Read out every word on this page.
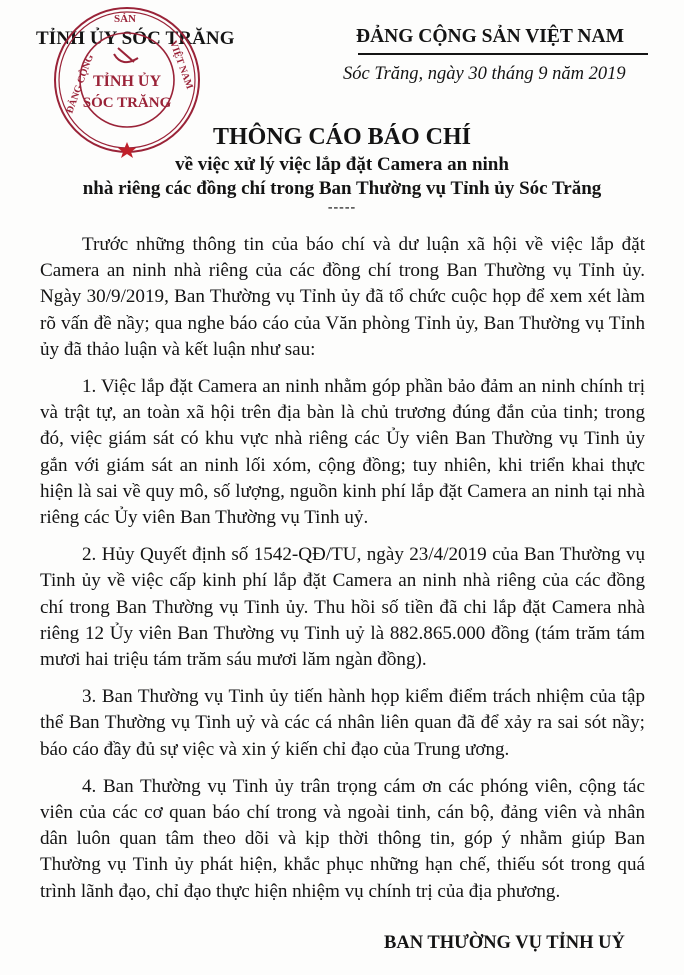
TỈNH ỦY SÓC TRĂNG
SẢN
ĐẢNG CỘNG	VIỆT NAM
TỈNH ỦY
SÓC TRĂNG
ĐẢNG CỘNG SẢN VIỆT NAM
Sóc Trăng, ngày 30 tháng 9 năm 2019
THÔNG CÁO BÁO CHÍ
về việc xử lý việc lắp đặt Camera an ninh
nhà riêng các đồng chí trong Ban Thường vụ Tỉnh ủy Sóc Trăng
-----

Trước những thông tin của báo chí và dư luận xã hội về việc lắp đặt Camera an ninh nhà riêng của các đồng chí trong Ban Thường vụ Tỉnh ủy. Ngày 30/9/2019, Ban Thường vụ Tỉnh ủy đã tổ chức cuộc họp để xem xét làm rõ vấn đề nầy; qua nghe báo cáo của Văn phòng Tỉnh ủy, Ban Thường vụ Tỉnh ủy đã thảo luận và kết luận như sau:

1. Việc lắp đặt Camera an ninh nhằm góp phần bảo đảm an ninh chính trị và trật tự, an toàn xã hội trên địa bàn là chủ trương đúng đắn của tinh; trong đó, việc giám sát có khu vực nhà riêng các Ủy viên Ban Thường vụ Tinh ủy gắn với giám sát an ninh lối xóm, cộng đồng; tuy nhiên, khi triển khai thực hiện là sai về quy mô, số lượng, nguồn kinh phí lắp đặt Camera an ninh tại nhà riêng các Ủy viên Ban Thường vụ Tinh uỷ.

2. Hủy Quyết định số 1542-QĐ/TU, ngày 23/4/2019 của Ban Thường vụ Tinh ủy về việc cấp kinh phí lắp đặt Camera an ninh nhà riêng của các đồng chí trong Ban Thường vụ Tinh ủy. Thu hồi số tiền đã chi lắp đặt Camera nhà riêng 12 Ủy viên Ban Thường vụ Tinh uỷ là 882.865.000 đồng (tám trăm tám mươi hai triệu tám trăm sáu mươi lăm ngàn đồng).

3. Ban Thường vụ Tinh ủy tiến hành họp kiểm điểm trách nhiệm của tập thể Ban Thường vụ Tinh uỷ và các cá nhân liên quan đã để xảy ra sai sót nầy; báo cáo đầy đủ sự việc và xin ý kiến chỉ đạo của Trung ương.

4. Ban Thường vụ Tinh ủy trân trọng cám ơn các phóng viên, cộng tác viên của các cơ quan báo chí trong và ngoài tinh, cán bộ, đảng viên và nhân dân luôn quan tâm theo dõi và kịp thời thông tin, góp ý nhằm giúp Ban Thường vụ Tinh ủy phát hiện, khắc phục những hạn chế, thiếu sót trong quá trình lãnh đạo, chỉ đạo thực hiện nhiệm vụ chính trị của địa phương.

BAN THƯỜNG VỤ TỈNH UỶ
